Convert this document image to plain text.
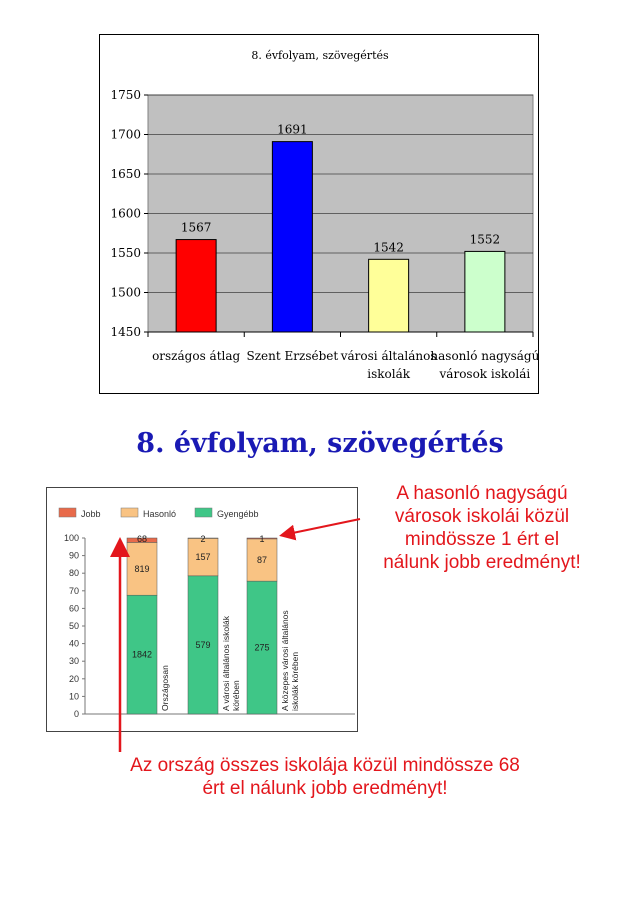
8. évfolyam, szövegértés
1450
1500
1550
1600
1650
1700
1750
1567
országos átlag
1691
Szent Erzsébet
1542
városi általános
iskolák
1552
hasonló nagyságú
városok iskolái
8. évfolyam, szövegértés
Jobb	Hasonló	Gyengébb
0
10
20
30
40
50
60
70
80
90
100
1842
819
68
Országosan
579
157
2
A városi általános iskolák körében
275
87
1
A közepes városi általános iskolák körében
A hasonló nagyságú
városok iskolái közül
mindössze 1 ért el
nálunk jobb eredményt!
Az ország összes iskolája közül mindössze 68
ért el nálunk jobb eredményt!
